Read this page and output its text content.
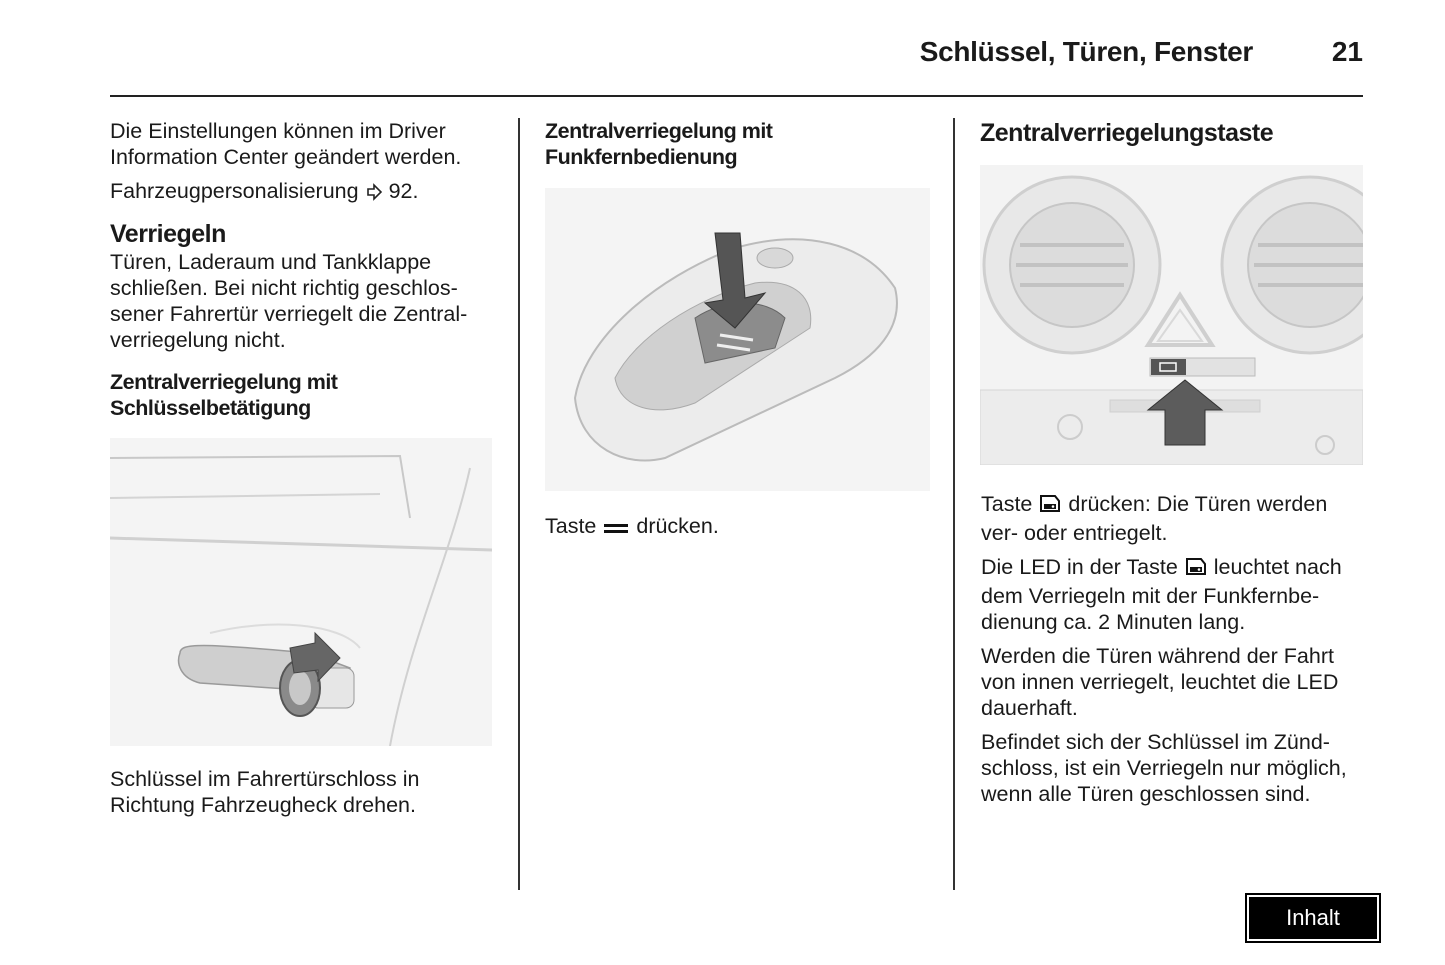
Schlüssel, Türen, Fenster	21

Die Einstellungen können im Driver Information Center geändert werden.

Fahrzeugpersonalisierung 92.

Verriegeln

Türen, Laderaum und Tankklappe schließen. Bei nicht richtig geschlossener Fahrertür verriegelt die Zentralverriegelung nicht.

Zentralverriegelung mit Schlüsselbetätigung
Schlüssel im Fahrertürschloss in Richtung Fahrzeugheck drehen.
Zentralverriegelung mit Funkfernbedienung
Taste drücken.
Zentralverriegelungstaste

Taste drücken: Die Türen werden ver- oder entriegelt.

Die LED in der Taste leuchtet nach dem Verriegeln mit der Funkfernbedienung ca. 2 Minuten lang.

Werden die Türen während der Fahrt von innen verriegelt, leuchtet die LED dauerhaft.

Befindet sich der Schlüssel im Zündschloss, ist ein Verriegeln nur möglich, wenn alle Türen geschlossen sind.

Inhalt
